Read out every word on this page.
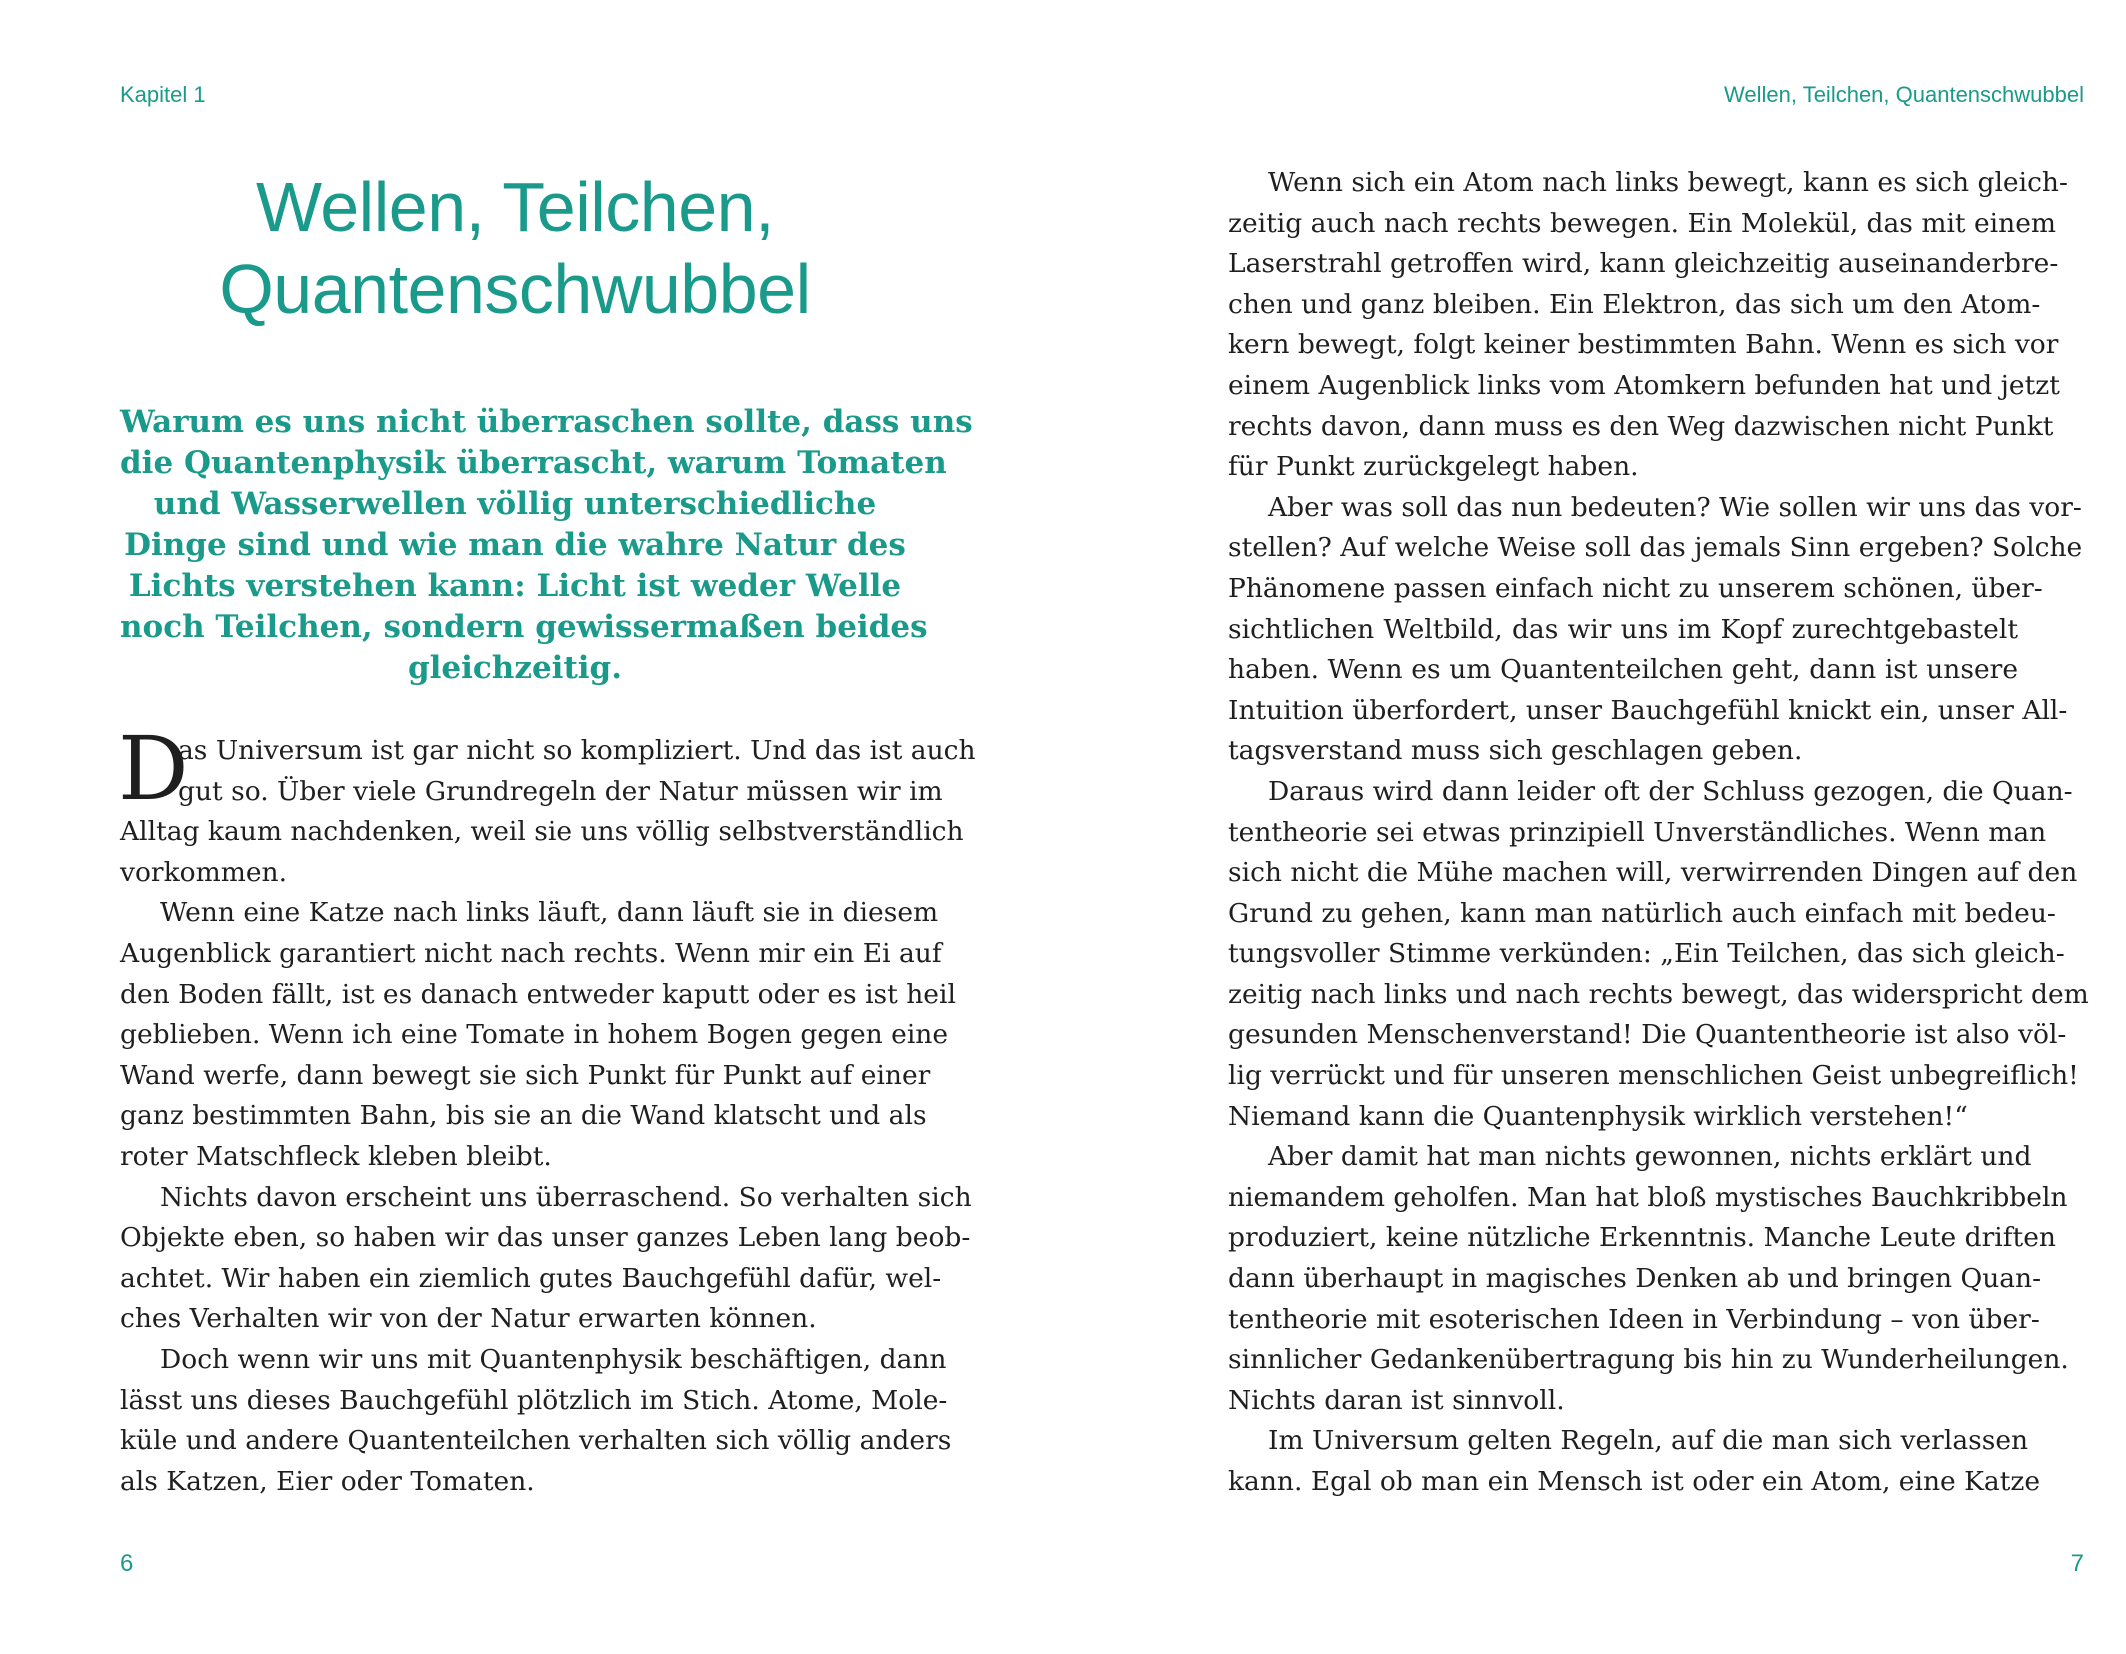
Kapitel 1
Wellen, Teilchen,
Quantenschwubbel
Warum es uns nicht überraschen sollte, dass uns
die Quantenphysik überrascht, warum Tomaten
und Wasserwellen völlig unterschiedliche
Dinge sind und wie man die wahre Natur des
Lichts verstehen kann: Licht ist weder Welle
noch Teilchen, sondern gewissermaßen beides
gleichzeitig.
D
as Universum ist gar nicht so kompliziert. Und das ist auch
gut so. Über viele Grundregeln der Natur müssen wir im
Alltag kaum nachdenken, weil sie uns völlig selbstverständlich
vorkommen.
Wenn eine Katze nach links läuft, dann läuft sie in diesem
Augenblick garantiert nicht nach rechts. Wenn mir ein Ei auf
den Boden fällt, ist es danach entweder kaputt oder es ist heil
geblieben. Wenn ich eine Tomate in hohem Bogen gegen eine
Wand werfe, dann bewegt sie sich Punkt für Punkt auf einer
ganz bestimmten Bahn, bis sie an die Wand klatscht und als
roter Matschfleck kleben bleibt.
Nichts davon erscheint uns überraschend. So verhalten sich
Objekte eben, so haben wir das unser ganzes Leben lang beob-
achtet. Wir haben ein ziemlich gutes Bauchgefühl dafür, wel-
ches Verhalten wir von der Natur erwarten können.
Doch wenn wir uns mit Quantenphysik beschäftigen, dann
lässt uns dieses Bauchgefühl plötzlich im Stich. Atome, Mole-
küle und andere Quantenteilchen verhalten sich völlig anders
als Katzen, Eier oder Tomaten.
6
Wellen, Teilchen, Quantenschwubbel
Wenn sich ein Atom nach links bewegt, kann es sich gleich-
zeitig auch nach rechts bewegen. Ein Molekül, das mit einem
Laserstrahl getroffen wird, kann gleichzeitig auseinanderbre-
chen und ganz bleiben. Ein Elektron, das sich um den Atom-
kern bewegt, folgt keiner bestimmten Bahn. Wenn es sich vor
einem Augenblick links vom Atomkern befunden hat und jetzt
rechts davon, dann muss es den Weg dazwischen nicht Punkt
für Punkt zurückgelegt haben.
Aber was soll das nun bedeuten? Wie sollen wir uns das vor-
stellen? Auf welche Weise soll das jemals Sinn ergeben? Solche
Phänomene passen einfach nicht zu unserem schönen, über-
sichtlichen Weltbild, das wir uns im Kopf zurechtgebastelt
haben. Wenn es um Quantenteilchen geht, dann ist unsere
Intuition überfordert, unser Bauchgefühl knickt ein, unser All-
tagsverstand muss sich geschlagen geben.
Daraus wird dann leider oft der Schluss gezogen, die Quan-
tentheorie sei etwas prinzipiell Unverständliches. Wenn man
sich nicht die Mühe machen will, verwirrenden Dingen auf den
Grund zu gehen, kann man natürlich auch einfach mit bedeu-
tungsvoller Stimme verkünden: „Ein Teilchen, das sich gleich-
zeitig nach links und nach rechts bewegt, das widerspricht dem
gesunden Menschenverstand! Die Quantentheorie ist also völ-
lig verrückt und für unseren menschlichen Geist unbegreiflich!
Niemand kann die Quantenphysik wirklich verstehen!“
Aber damit hat man nichts gewonnen, nichts erklärt und
niemandem geholfen. Man hat bloß mystisches Bauchkribbeln
produziert, keine nützliche Erkenntnis. Manche Leute driften
dann überhaupt in magisches Denken ab und bringen Quan-
tentheorie mit esoterischen Ideen in Verbindung – von über-
sinnlicher Gedankenübertragung bis hin zu Wunderheilungen.
Nichts daran ist sinnvoll.
Im Universum gelten Regeln, auf die man sich verlassen
kann. Egal ob man ein Mensch ist oder ein Atom, eine Katze
7
